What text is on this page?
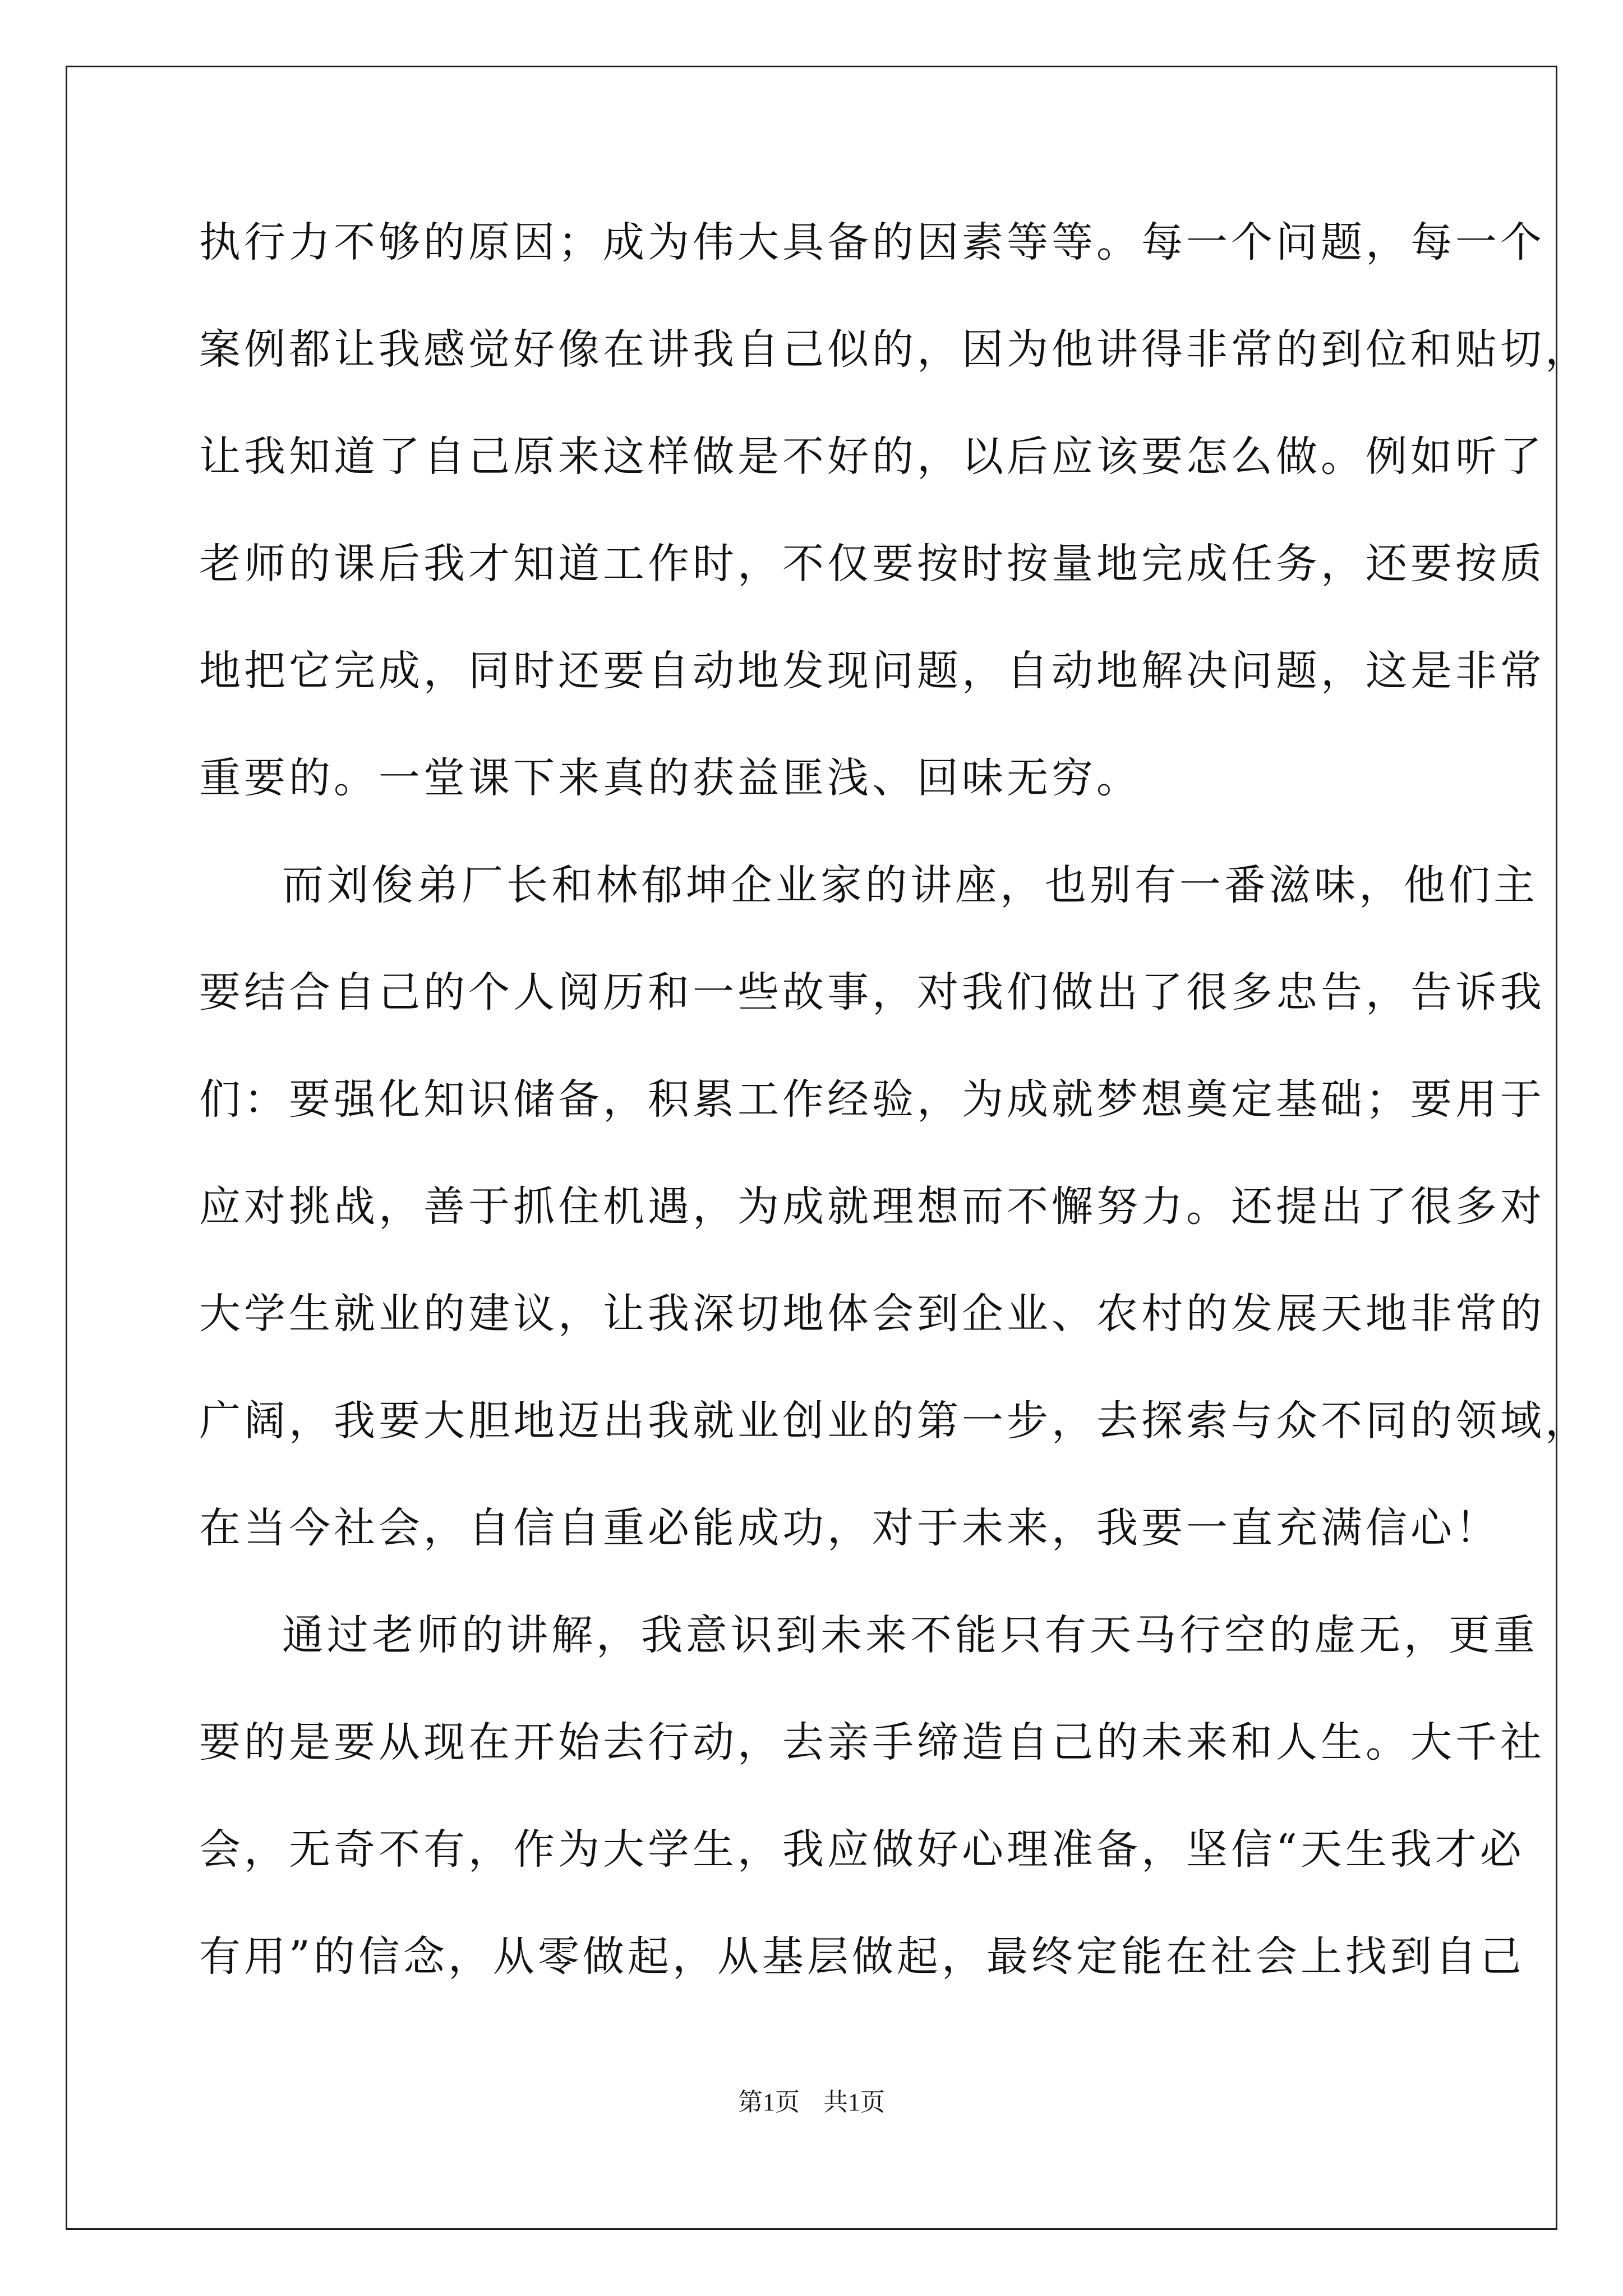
执行力不够的原因；成为伟大具备的因素等等。每一个问题，每一个
案例都让我感觉好像在讲我自己似的，因为他讲得非常的到位和贴切，
让我知道了自己原来这样做是不好的，以后应该要怎么做。例如听了
老师的课后我才知道工作时，不仅要按时按量地完成任务，还要按质
地把它完成，同时还要自动地发现问题，自动地解决问题，这是非常
重要的。一堂课下来真的获益匪浅、回味无穷。
而刘俊弟厂长和林郁坤企业家的讲座，也别有一番滋味，他们主
要结合自己的个人阅历和一些故事，对我们做出了很多忠告，告诉我
们：要强化知识储备，积累工作经验，为成就梦想奠定基础；要用于
应对挑战，善于抓住机遇，为成就理想而不懈努力。还提出了很多对
大学生就业的建议，让我深切地体会到企业、农村的发展天地非常的
广阔，我要大胆地迈出我就业创业的第一步，去探索与众不同的领域，
在当今社会，自信自重必能成功，对于未来，我要一直充满信心！
通过老师的讲解，我意识到未来不能只有天马行空的虚无，更重
要的是要从现在开始去行动，去亲手缔造自己的未来和人生。大千社
会，无奇不有，作为大学生，我应做好心理准备，坚信“天生我才必
有用”的信念，从零做起，从基层做起，最终定能在社会上找到自己
第1页 共1页
